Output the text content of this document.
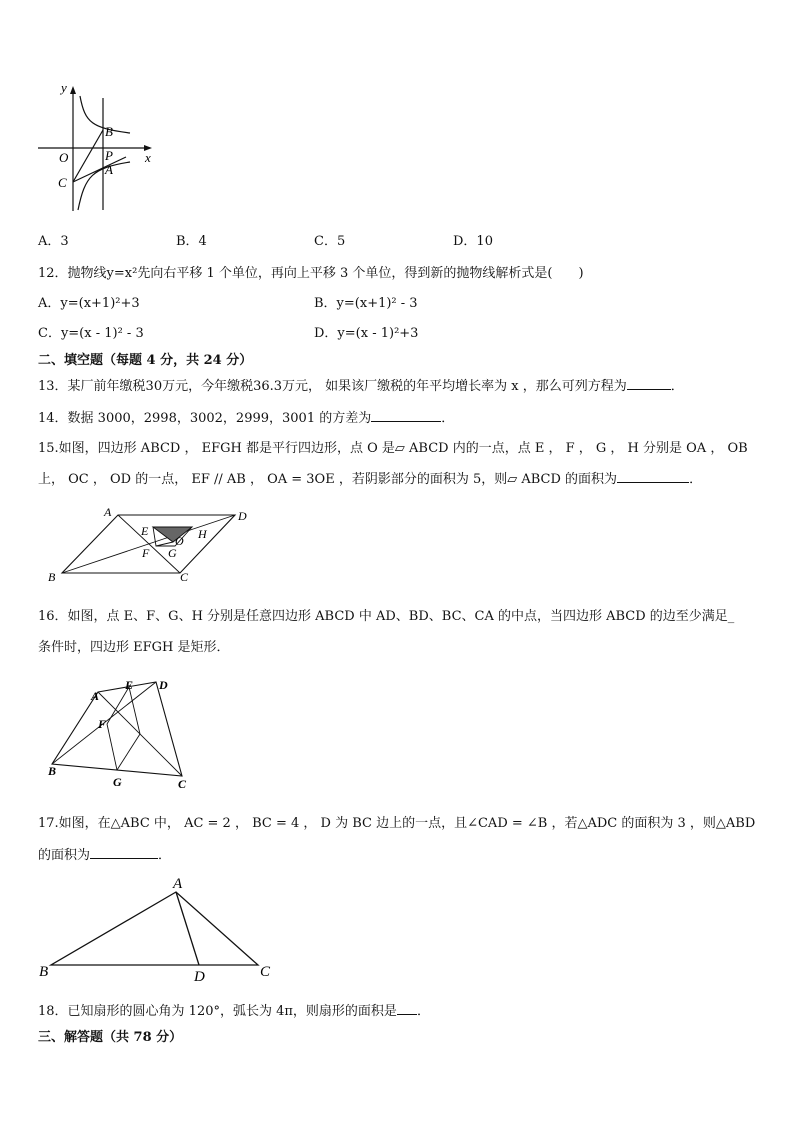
y
x
O
B
P
A
C
A．3	B．4	C．5	D．10
12．抛物线y=x²先向右平移 1 个单位，再向上平移 3 个单位，得到新的抛物线解析式是(　　)
A．y=(x+1)²+3	B．y=(x+1)² - 3
C．y=(x - 1)² - 3	D．y=(x - 1)²+3
二、填空题（每题 4 分，共 24 分）
13．某厂前年缴税30万元，今年缴税36.3万元， 如果该厂缴税的年平均增长率为 x ，那么可列方程为	．
14．数据 3000，2998，3002，2999，3001 的方差为	．
15.如图，四边形 ABCD ， EFGH 都是平行四边形，点 O 是▱ ABCD 内的一点，点 E ， F ， G ， H 分别是 OA ， OB
上， OC ， OD 的一点， EF // AB ， OA = 3OE ，若阴影部分的面积为 5，则▱ ABCD 的面积为	．
A	D
B	C
E
O H
F G
16．如图，点 E、F、G、H 分别是任意四边形 ABCD 中 AD、BD、BC、CA 的中点，当四边形 ABCD 的边至少满足_
条件时，四边形 EFGH 是矩形．
A
E D
F
B
G	C
17.如图，在△ABC 中， AC = 2 ， BC = 4 ， D 为 BC 边上的一点，且∠CAD = ∠B ，若△ADC 的面积为 3 ，则△ABD
的面积为	．
A
B	D	C
18．已知扇形的圆心角为 120°，弧长为 4π，则扇形的面积是 ．
三、解答题（共 78 分）
